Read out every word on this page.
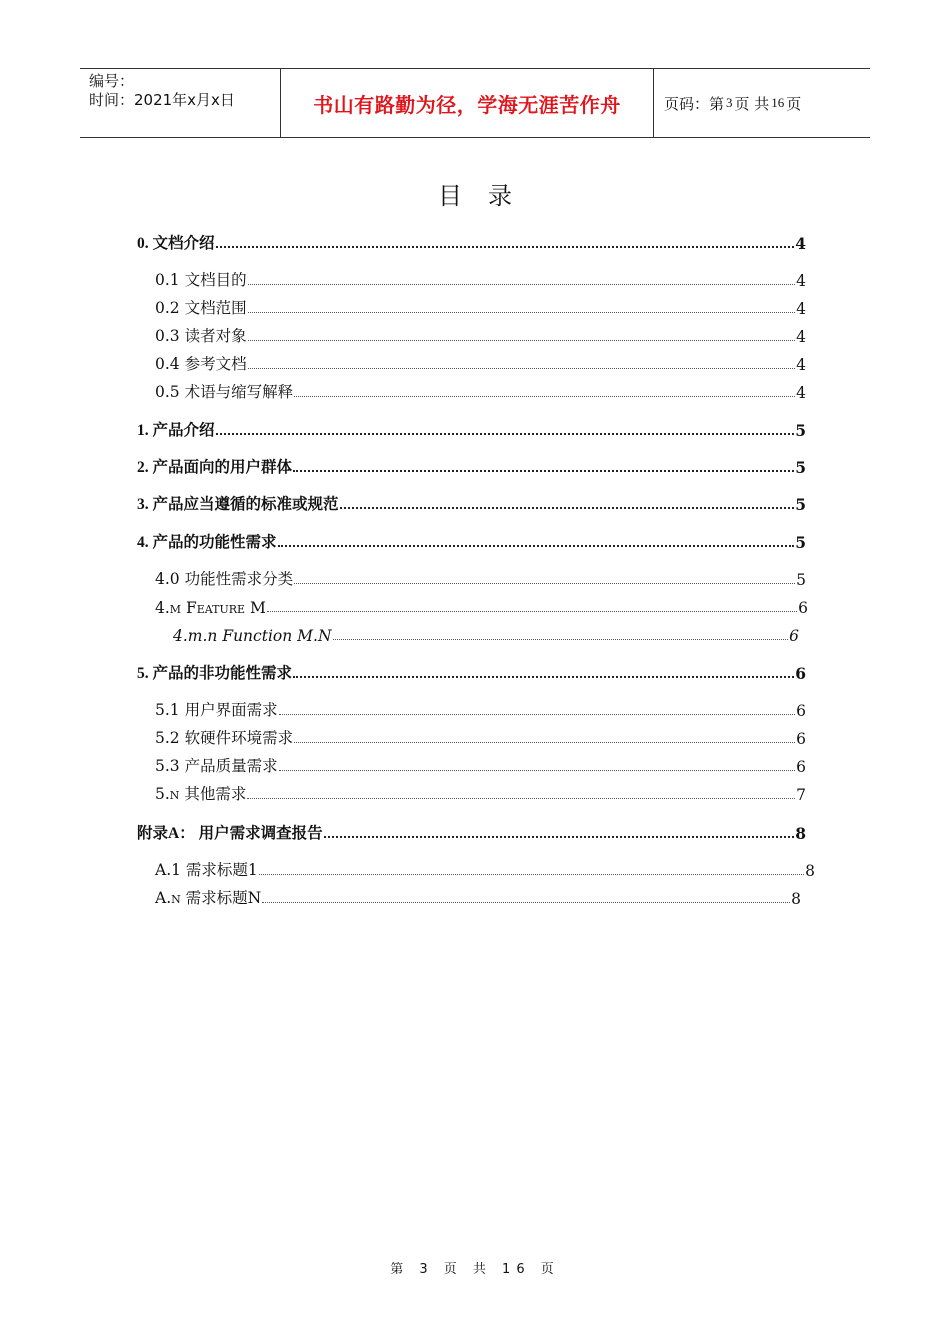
编号：
时间：2021年x月x日	书山有路勤为径，学海无涯苦作舟	页码：第 3 页 共 16 页
目录
0. 文档介绍	4
0.1 文档目的	4
0.2 文档范围	4
0.3 读者对象	4
0.4 参考文档	4
0.5 术语与缩写解释	4
1. 产品介绍	5
2. 产品面向的用户群体	5
3. 产品应当遵循的标准或规范	5
4. 产品的功能性需求	5
4.0 功能性需求分类	5
4.m Feature M	6
4.m.n Function M.N	6
5. 产品的非功能性需求	6
5.1 用户界面需求	6
5.2 软硬件环境需求	6
5.3 产品质量需求	6
5.n 其他需求	7
附录A： 用户需求调查报告	8
A.1 需求标题1	8
A.n 需求标题N	8
第 3 页 共 16 页
